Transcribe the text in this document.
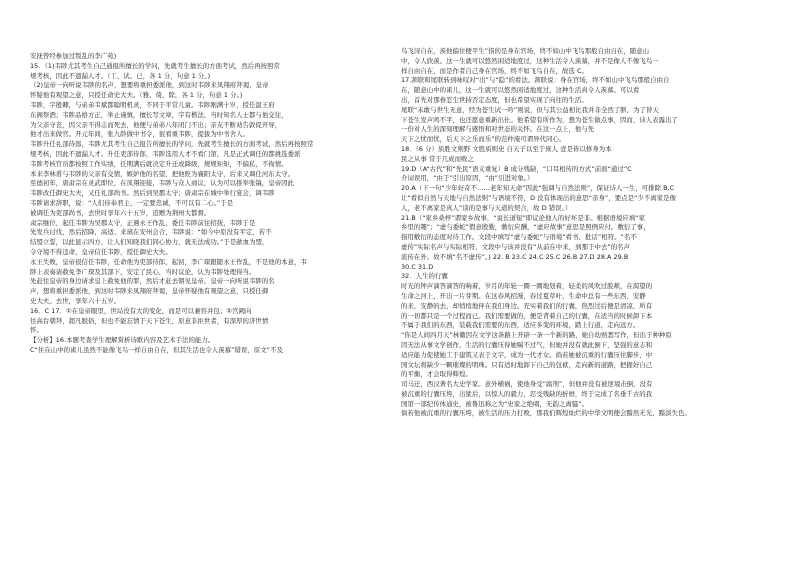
安抚曾经参加过叛乱的李广苑)
15．（1)韦陟尤其考生自己通报所擅长的学问，先就考生擅长的方面考试，然后再按照常
规考核，因此不遗漏人才。（工、试、已，各 1 分，句意 1 分。)
（2)皇帝一向听说韦陟的名声，想要将重担委派他，到这时韦陟来凤翔府拜谒，皇帝
怀疑他有观望之意，只授任命史大夫。（雅、倚、除，各 1 分，句意 1 分。)
韦陟，字殷卿，与弟弟韦斌都聪明机灵，不同于平常儿童。韦陟刚满十岁，授任温王府
东阁祭酒；韦陟品格方正，举止谨慎，擅长写文章，字有楷法，当时知名人士都与他交往，
为父亲守丧，因父亲不得志而死去，他便与弟弟八年闭门不出；亲友不断劝告敦促开导，
他才出来做官。开元年间，张九龄做中书令，很看重韦陟，提拔为中书舍人。
韦陟升任礼部侍郎，韦陟尤其考生自己报告所擅长的学问，先就考生擅长的方面考试，然后再按照常
规考核，因此不遗漏人才。升任吏部侍郎，韦陟选用人才不看门第，凡是正式调任的都挑选委派
韦陟考核官员都按照工作实绩，任期满后就决定升迁或降级，规规矩矩，不偏私，不徇情。
本来李林甫与韦陟的父亲有交情，嫉妒他的名望，把他贬为襄阳太守，后来又调任河东太守。
至德初年，唐肃宗在灵武即位，在凤翔迎接，韦陟与众人商议，认为可以推举张镐，皇帝因此
韦陟改任御史大夫，又任礼部尚书。然后到吴郡太守；唐肃宗在城中举行宴会，调韦陟
韦陟请求辞职，说：“人们侍奉君主，一定要忠诚，不可以有二心。”于是
被调任为吏部尚书，去世时享年六十五岁，追赠为荆州大都督。
肃宗继位，起任韦陟为吴郡太守，正遇永王作乱，委任韦陟前往招抚，韦陟于是
先发兵讨伐，然后招降，高适、来瑱在安州会合，韦陟说：“如今中原没有平定，若不
结盟立誓，以此显示四方，让人们知晓我们同心协力，就无法成功。”于是歃血为盟，
令守境不得违命，皇帝信任韦陟，授任御史大夫。
永王失败，皇帝很信任韦陟，任命他为吏部侍郎，起初，李广琛跟随永王作乱，不是他的本意，韦
陟上表奏请赦免李广琛及其部下，安定了民心，当时议论，认为韦陟处理得当。
先赶往皇帝的身边请求皇上赦免他的罪，然后才赶去朝见皇帝。皇帝一向听说韦陟的名
声，想将重担委派他，到这时韦陟来凤翔府拜谒，皇帝怀疑他有观望之意，只授任御
史大夫。去世，享年六十五岁。
16．C 17．①在皇帝眼里，世局没有大的变化，而是可以兼容并包；②宫阙向
往高台朝拜，超凡脱俗，但也不能忘情于天下苍生，原意非拒世者，有深厚的济世情
怀。
【分析】16.本题考查学生理解赏析诗歌内容及艺术手法的能力。
C“住在山中的雀儿虽然不能像飞鸟一样自由自在，但其生活也令人羡慕”错误，原文“不及
鸟飞浔自在，羡他偏住便平生”指的是身在官场，终不如山中飞鸟那般自由自在，随意山
中，令人欣羡。这一生就可以悠然闲适地度过，这种生活令人羡慕，并不是像人不像飞鸟一
样自由自在，而是作者自己身在官场，终不如飞鸟自在，故选 C。
17.颈联和尾联转到咏叹对“出”与“隐”的看法。颈联说：身在官场，终不如山中飞鸟那般自由自
在，随意山中的雀儿，这一生就可以悠然闲适地度过，这种生活真令人羡慕。可以看
出，首先对那眷恋尘世持否定态度，但也希望实现了向往的生活。
尾联“未敢与世生无意，经为苍生试一吟”则说，但与其公益相比我并非全然了断，为了替天
下苍生发声鸣不平，也还愿意重新出仕。他希望有所作为，想为苍生做点事，因而，诗人表露出了
一份对人生的深刻理解与感悟和对世态的关怀。在这一点上，他与先
天下之忧而忧，后天下之乐而乐”的范仲淹可谓异代同心。
18．（6 分）质胜文则野 文胜质则史 自天子以至于庶人 壹是皆以修身为本
民之从事 常于几成而败之
19.D（A“古代”和“先民”语义重复）B 成分残缺，“口耳相传的方式”前面“通过”C
介词误用，“由于”引出原因，“由”引进对象。）
20.A（下一句“少年好奇不……老年知天命”因此“强调与自然法则”，保证诗人一生，可排除 B,C
让“看似自然与天地与自然法则”与语境不符，D 没有体现出的意思“亲身”，要点是“少不离家是像
人，老不离家是真人”谈的是事与天道的契合，故 D 错误。）
21.B（“家乡桑梓”谓家乡故事，“说长道短”即议论他人的好坏是非。根据语境应填“家
乡里的趣”；“虚与委蛇”假意殷勤，敷衍应酬，“虚应故事”意思是照例应付。敷衍了事，
指用敷衍的态度对待工作。文段中填写“虚与委蛇”与语境“看书、批话”相符。“名不
虚传”实际名声与实际相符，文段中与该并没有“从前在中来，到那于中去”的名声
流传在外。故不填“名不虚传”。) 22. B 23.C 24.C 25.C 26.B 27.D 28.A 29.B
30.C 31.D
32．人生的行囊
时光的钟声滴答滴答的响着，岁月的年轮一圈一圈地划着，轻柔的风吹过脸颊，在渴望的
生命之河上，开出一片芽期。在这春风招漫，春过夏草叶，生命中总有一些东西，安静
的来，安静的去，却悄悄地伴在我们身边。充实着我们的行囊，热烈过后便是清凉，所有
的一切都只是一个过程而已。我们需要做的，便是背着自己的行囊，在适当的时候卸下本
不属于我们的东西，装载我们需要的东西，适应多变的环境，踏上行道，走向远方。
“你是人间四月天”林徽因在文学这条路上开辟一条一个新的路，她自幼熟悉写作，但出于种种原
因无法从事文学创作，生活的行囊压得她喘不过气，但她并没有就此倒下，坚强的意志和
适应能力促使她工于建筑又表于文字，成为一代才女。倘若她被沉重的行囊压住脚步，中
国文坛将缺少一颗璀璨的明珠。只有适时地卸下自己的包袱，走向新的道路，把握好自己
的平衡，才会取得辉煌。
司马迁，西汉著名大史学家。意外横祸，使他身受“腐刑”，但他并没有被逆境击倒，没有
被沉重的行囊压垮，出狱后，以惊人的毅力，忍受残缺的折磨，终于完成了名垂千古的我
国第一部纪传体通史，被鲁迅称之为“史家之绝唱，无韵之离骚”。
倘若他被沉重的行囊压垮，被生活的压力打败，那我们辉煌灿烂的中华文明便会黯然无光，黯淡失色。
